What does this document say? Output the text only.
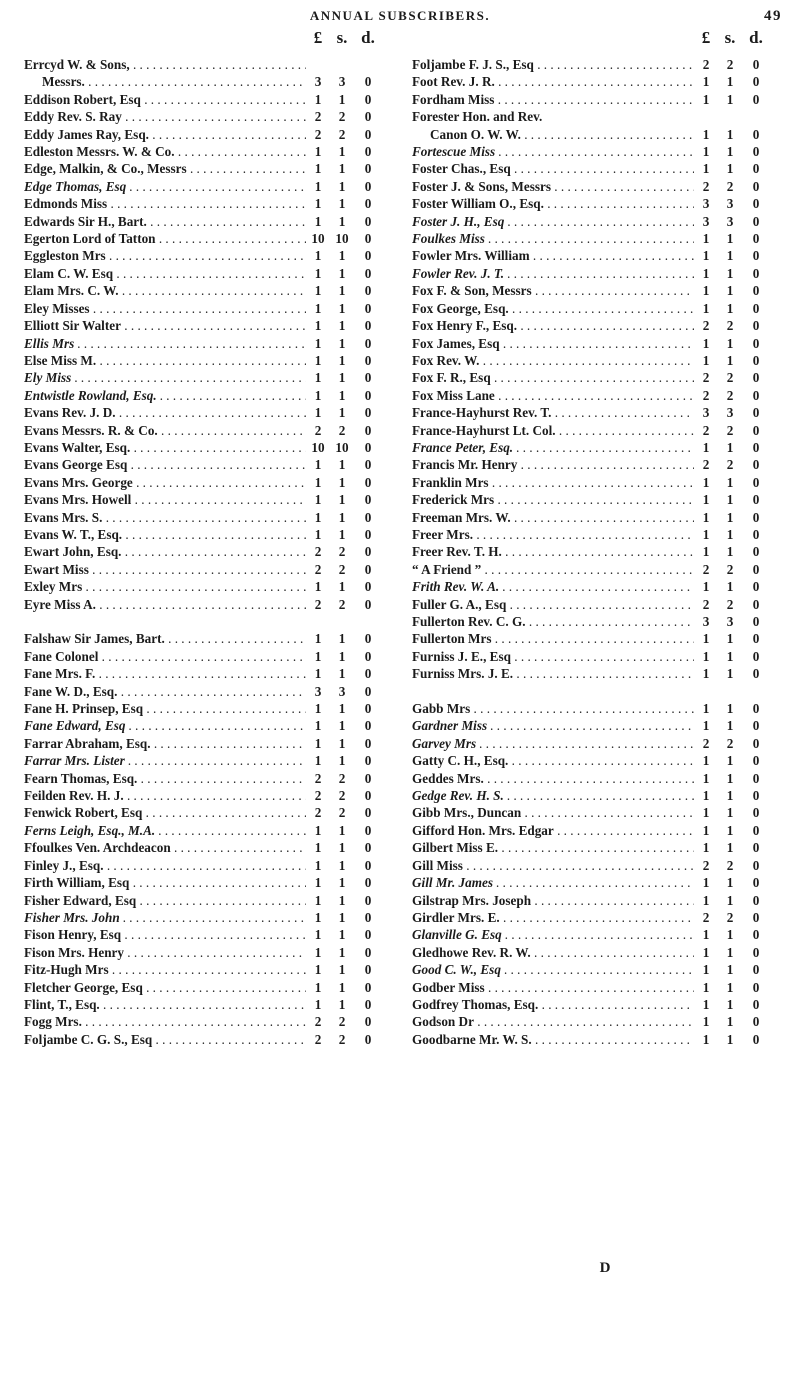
ANNUAL SUBSCRIBERS.	49
£ s. d.	£ s. d.
Errcyd W. & Sons, . . .
Messrs. . . .	3	3	0
Eddison Robert, Esq . . .	1	1	0
Eddy Rev. S. Ray . . .	2	2	0
Eddy James Ray, Esq. . . .	2	2	0
Edleston Messrs. W. & Co. . . .	1	1	0
Edge, Malkin, & Co., Messrs . . .	1	1	0
Edge Thomas, Esq . . .	1	1	0
Edmonds Miss . . .	1	1	0
Edwards Sir H., Bart. . . .	1	1	0
Egerton Lord of Tatton . . .	10 10	0
Eggleston Mrs . . .	1	1	0
Elam C. W. Esq . . .	1	1	0
Elam Mrs. C. W. . . .	1	1	0
Eley Misses . . .	1	1	0
Elliott Sir Walter . . .	1	1	0
Ellis Mrs . . .	1	1	0
Else Miss M. . . .	1	1	0
Ely Miss . . .	1	1	0
Entwistle Rowland, Esq. . . .	1	1	0
Evans Rev. J. D. . . .	1	1	0
Evans Messrs. R. & Co. . . .	2	2	0
Evans Walter, Esq. . . .	10 10	0
Evans George Esq . . .	1	1	0
Evans Mrs. George . . .	1	1	0
Evans Mrs. Howell . . .	1	1	0
Evans Mrs. S. . . .	1	1	0
Evans W. T., Esq. . . .	1	1	0
Ewart John, Esq. . . .	2	2	0
Ewart Miss . . .	2	2	0
Exley Mrs . . .	1	1	0
Eyre Miss A. . . .	2	2	0
Falshaw Sir James, Bart. . . .	1	1	0
Fane Colonel . . .	1	1	0
Fane Mrs. F. . . .	1	1	0
Fane W. D., Esq. . . .	3	3	0
Fane H. Prinsep, Esq . . .	1	1	0
Fane Edward, Esq . . .	1	1	0
Farrar Abraham, Esq. . . .	1	1	0
Farrar Mrs. Lister . . .	1	1	0
Fearn Thomas, Esq. . . .	2	2	0
Feilden Rev. H. J. . . .	2	2	0
Fenwick Robert, Esq . . .	2	2	0
Ferns Leigh, Esq., M.A. . . .	1	1	0
Ffoulkes Ven. Archdeacon . . .	1	1	0
Finley J., Esq. . . .	1	1	0
Firth William, Esq . . .	1	1	0
Fisher Edward, Esq . . .	1	1	0
Fisher Mrs. John . . .	1	1	0
Fison Henry, Esq . . .	1	1	0
Fison Mrs. Henry . . .	1	1	0
Fitz-Hugh Mrs . . .	1	1	0
Fletcher George, Esq . . .	1	1	0
Flint, T., Esq. . . .	1	1	0
Fogg Mrs. . . .	2	2	0
Foljambe C. G. S., Esq . . .	2	2	0
Foljambe F. J. S., Esq . . .	2	2	0
Foot Rev. J. R. . . .	1	1	0
Fordham Miss . . .	1	1	0
Forester Hon. and Rev.
Canon O. W. W. . . .	1	1	0
Fortescue Miss . . .	1	1	0
Foster Chas., Esq . . .	1	1	0
Foster J. & Sons, Messrs . . .	2	2	0
Foster William O., Esq. . . .	3	3	0
Foster J. H., Esq . . .	3	3	0
Foulkes Miss . . .	1	1	0
Fowler Mrs. William . . .	1	1	0
Fowler Rev. J. T. . . .	1	1	0
Fox F. & Son, Messrs . . .	1	1	0
Fox George, Esq. . . .	1	1	0
Fox Henry F., Esq. . . .	2	2	0
Fox James, Esq . . .	1	1	0
Fox Rev. W. . . .	1	1	0
Fox F. R., Esq . . .	2	2	0
Fox Miss Lane . . .	2	2	0
France-Hayhurst Rev. T. . . .	3	3	0
France-Hayhurst Lt. Col. . . .	2	2	0
France Peter, Esq. . . .	1	1	0
Francis Mr. Henry . . .	2	2	0
Franklin Mrs . . .	1	1	0
Frederick Mrs . . .	1	1	0
Freeman Mrs. W. . . .	1	1	0
Freer Mrs. . . .	1	1	0
Freer Rev. T. H. . . .	1	1	0
“ A Friend ” . . .	2	2	0
Frith Rev. W. A. . . .	1	1	0
Fuller G. A., Esq . . .	2	2	0
Fullerton Rev. C. G. . . .	3	3	0
Fullerton Mrs . . .	1	1	0
Furniss J. E., Esq . . .	1	1	0
Furniss Mrs. J. E. . . .	1	1	0
Gabb Mrs . . .	1	1	0
Gardner Miss . . .	1	1	0
Garvey Mrs . . .	2	2	0
Gatty C. H., Esq. . . .	1	1	0
Geddes Mrs. . . .	1	1	0
Gedge Rev. H. S. . . .	1	1	0
Gibb Mrs., Duncan . . .	1	1	0
Gifford Hon. Mrs. Edgar . . .	1	1	0
Gilbert Miss E. . . .	1	1	0
Gill Miss . . .	2	2	0
Gill Mr. James . . .	1	1	0
Gilstrap Mrs. Joseph . . .	1	1	0
Girdler Mrs. E. . . .	2	2	0
Glanville G. Esq . . .	1	1	0
Gledhowe Rev. R. W. . . .	1	1	0
Good C. W., Esq . . .	1	1	0
Godber Miss . . .	1	1	0
Godfrey Thomas, Esq. . . .	1	1	0
Godson Dr . . .	1	1	0
Goodbarne Mr. W. S. . . .	1	1	0
D
